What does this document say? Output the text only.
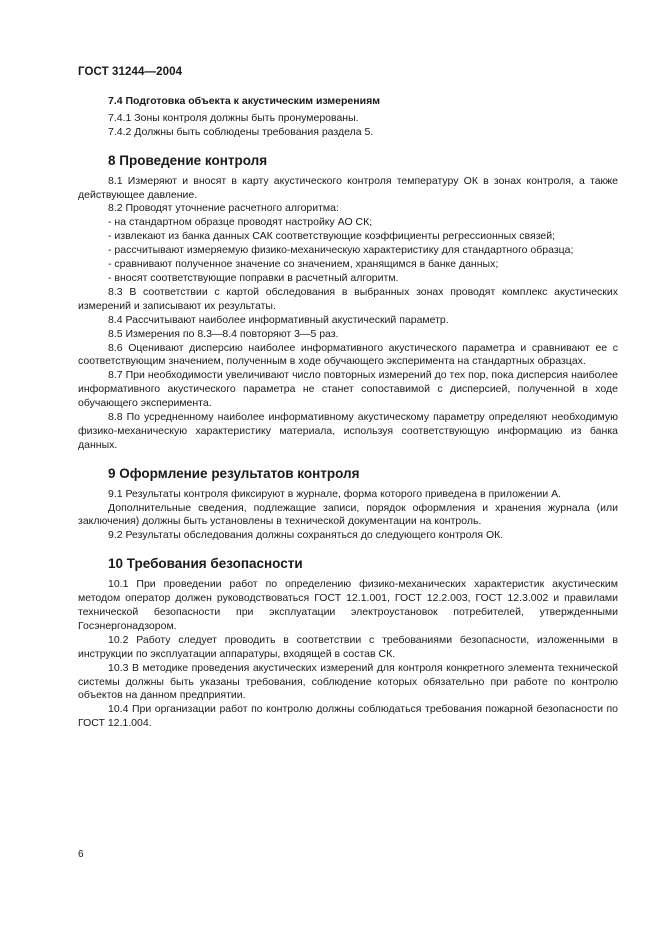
ГОСТ 31244—2004

7.4 Подготовка объекта к акустическим измерениям

7.4.1 Зоны контроля должны быть пронумерованы.

7.4.2 Должны быть соблюдены требования раздела 5.

8 Проведение контроля

8.1 Измеряют и вносят в карту акустического контроля температуру ОК в зонах контроля, а также действующее давление.

8.2 Проводят уточнение расчетного алгоритма:

- на стандартном образце проводят настройку АО СК;

- извлекают из банка данных САК соответствующие коэффициенты регрессионных связей;

- рассчитывают измеряемую физико-механическую характеристику для стандартного образца;

- сравнивают полученное значение со значением, хранящимся в банке данных;

- вносят соответствующие поправки в расчетный алгоритм.

8.3 В соответствии с картой обследования в выбранных зонах проводят комплекс акустических измерений и записывают их результаты.

8.4 Рассчитывают наиболее информативный акустический параметр.

8.5 Измерения по 8.3—8.4 повторяют 3—5 раз.

8.6 Оценивают дисперсию наиболее информативного акустического параметра и сравнивают ее с соответствующим значением, полученным в ходе обучающего эксперимента на стандартных образцах.

8.7 При необходимости увеличивают число повторных измерений до тех пор, пока дисперсия наиболее информативного акустического параметра не станет сопоставимой с дисперсией, полученной в ходе обучающего эксперимента.

8.8 По усредненному наиболее информативному акустическому параметру определяют необходимую физико-механическую характеристику материала, используя соответствующую информацию из банка данных.

9 Оформление результатов контроля

9.1 Результаты контроля фиксируют в журнале, форма которого приведена в приложении А.

Дополнительные сведения, подлежащие записи, порядок оформления и хранения журнала (или заключения) должны быть установлены в технической документации на контроль.

9.2 Результаты обследования должны сохраняться до следующего контроля ОК.

10 Требования безопасности

10.1 При проведении работ по определению физико-механических характеристик акустическим методом оператор должен руководствоваться ГОСТ 12.1.001, ГОСТ 12.2.003, ГОСТ 12.3.002 и правилами технической безопасности при эксплуатации электроустановок потребителей, утвержденными Госэнергонадзором.

10.2 Работу следует проводить в соответствии с требованиями безопасности, изложенными в инструкции по эксплуатации аппаратуры, входящей в состав СК.

10.3 В методике проведения акустических измерений для контроля конкретного элемента технической системы должны быть указаны требования, соблюдение которых обязательно при работе по контролю объектов на данном предприятии.

10.4 При организации работ по контролю должны соблюдаться требования пожарной безопасности по ГОСТ 12.1.004.

6
